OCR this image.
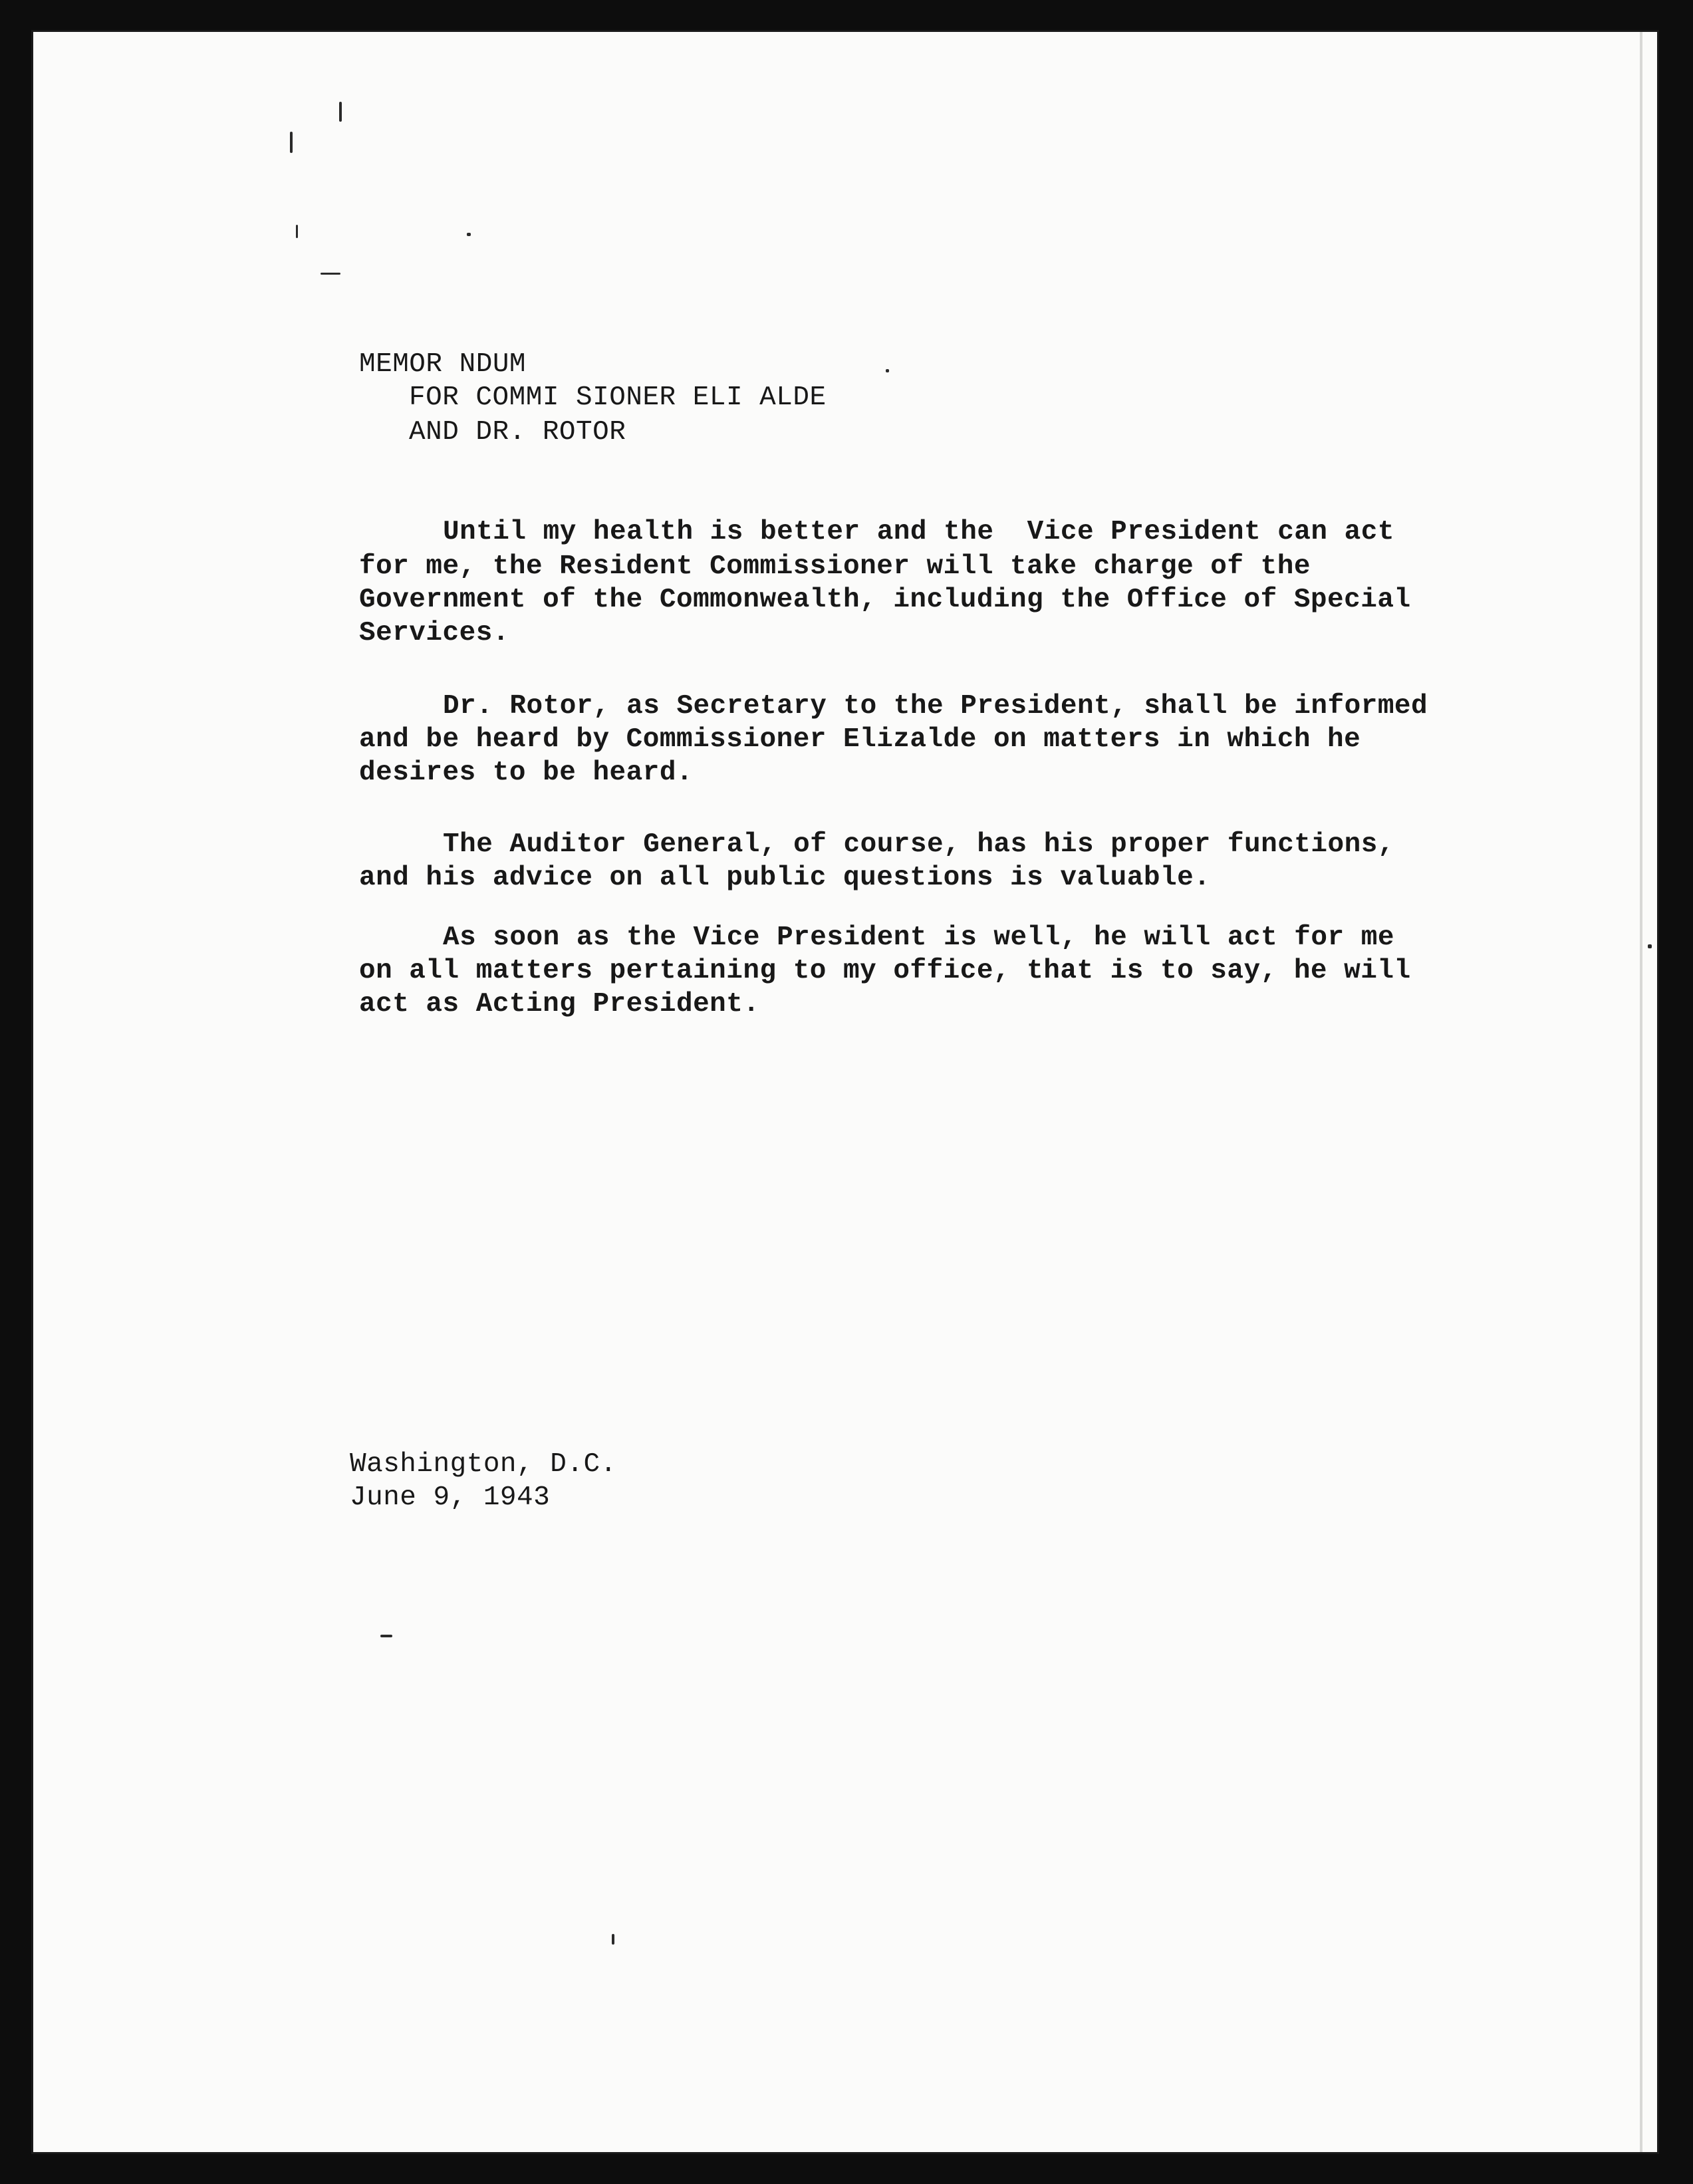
MEMOR NDUM
FOR COMMI SIONER ELI ALDE
AND DR. ROTOR
Until my health is better and the  Vice President can act
for me, the Resident Commissioner will take charge of the
Government of the Commonwealth, including the Office of Special
Services.
Dr. Rotor, as Secretary to the President, shall be informed
and be heard by Commissioner Elizalde on matters in which he
desires to be heard.
The Auditor General, of course, has his proper functions,
and his advice on all public questions is valuable.
As soon as the Vice President is well, he will act for me
on all matters pertaining to my office, that is to say, he will
act as Acting President.
Washington, D.C.
June 9, 1943
